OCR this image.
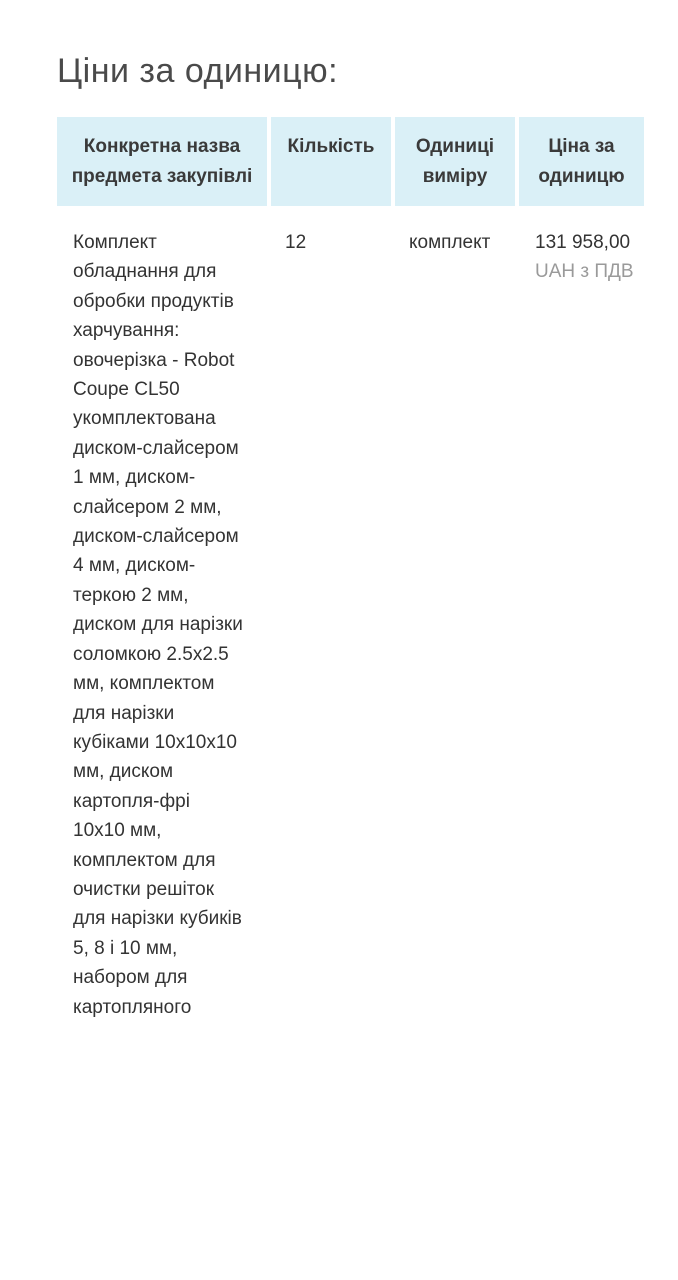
Ціни за одиницю:
Конкретна назва предмета закупівлі	Кількість	Одиниці виміру	Ціна за одиницю
Комплект обладнання для обробки продуктів харчування: овочерізка - Robot Coupe CL50 укомплектована диском-слайсером 1 мм, диском-слайсером 2 мм, диском-слайсером 4 мм, диском-теркою 2 мм, диском для нарізки соломкою 2.5х2.5 мм, комплектом для нарізки кубіками 10х10х10 мм, диском картопля-фрі 10х10 мм, комплектом для очистки решіток для нарізки кубиків 5, 8 і 10 мм, набором для картопляного	12	комплект	131 958,00
UAH з ПДВ
